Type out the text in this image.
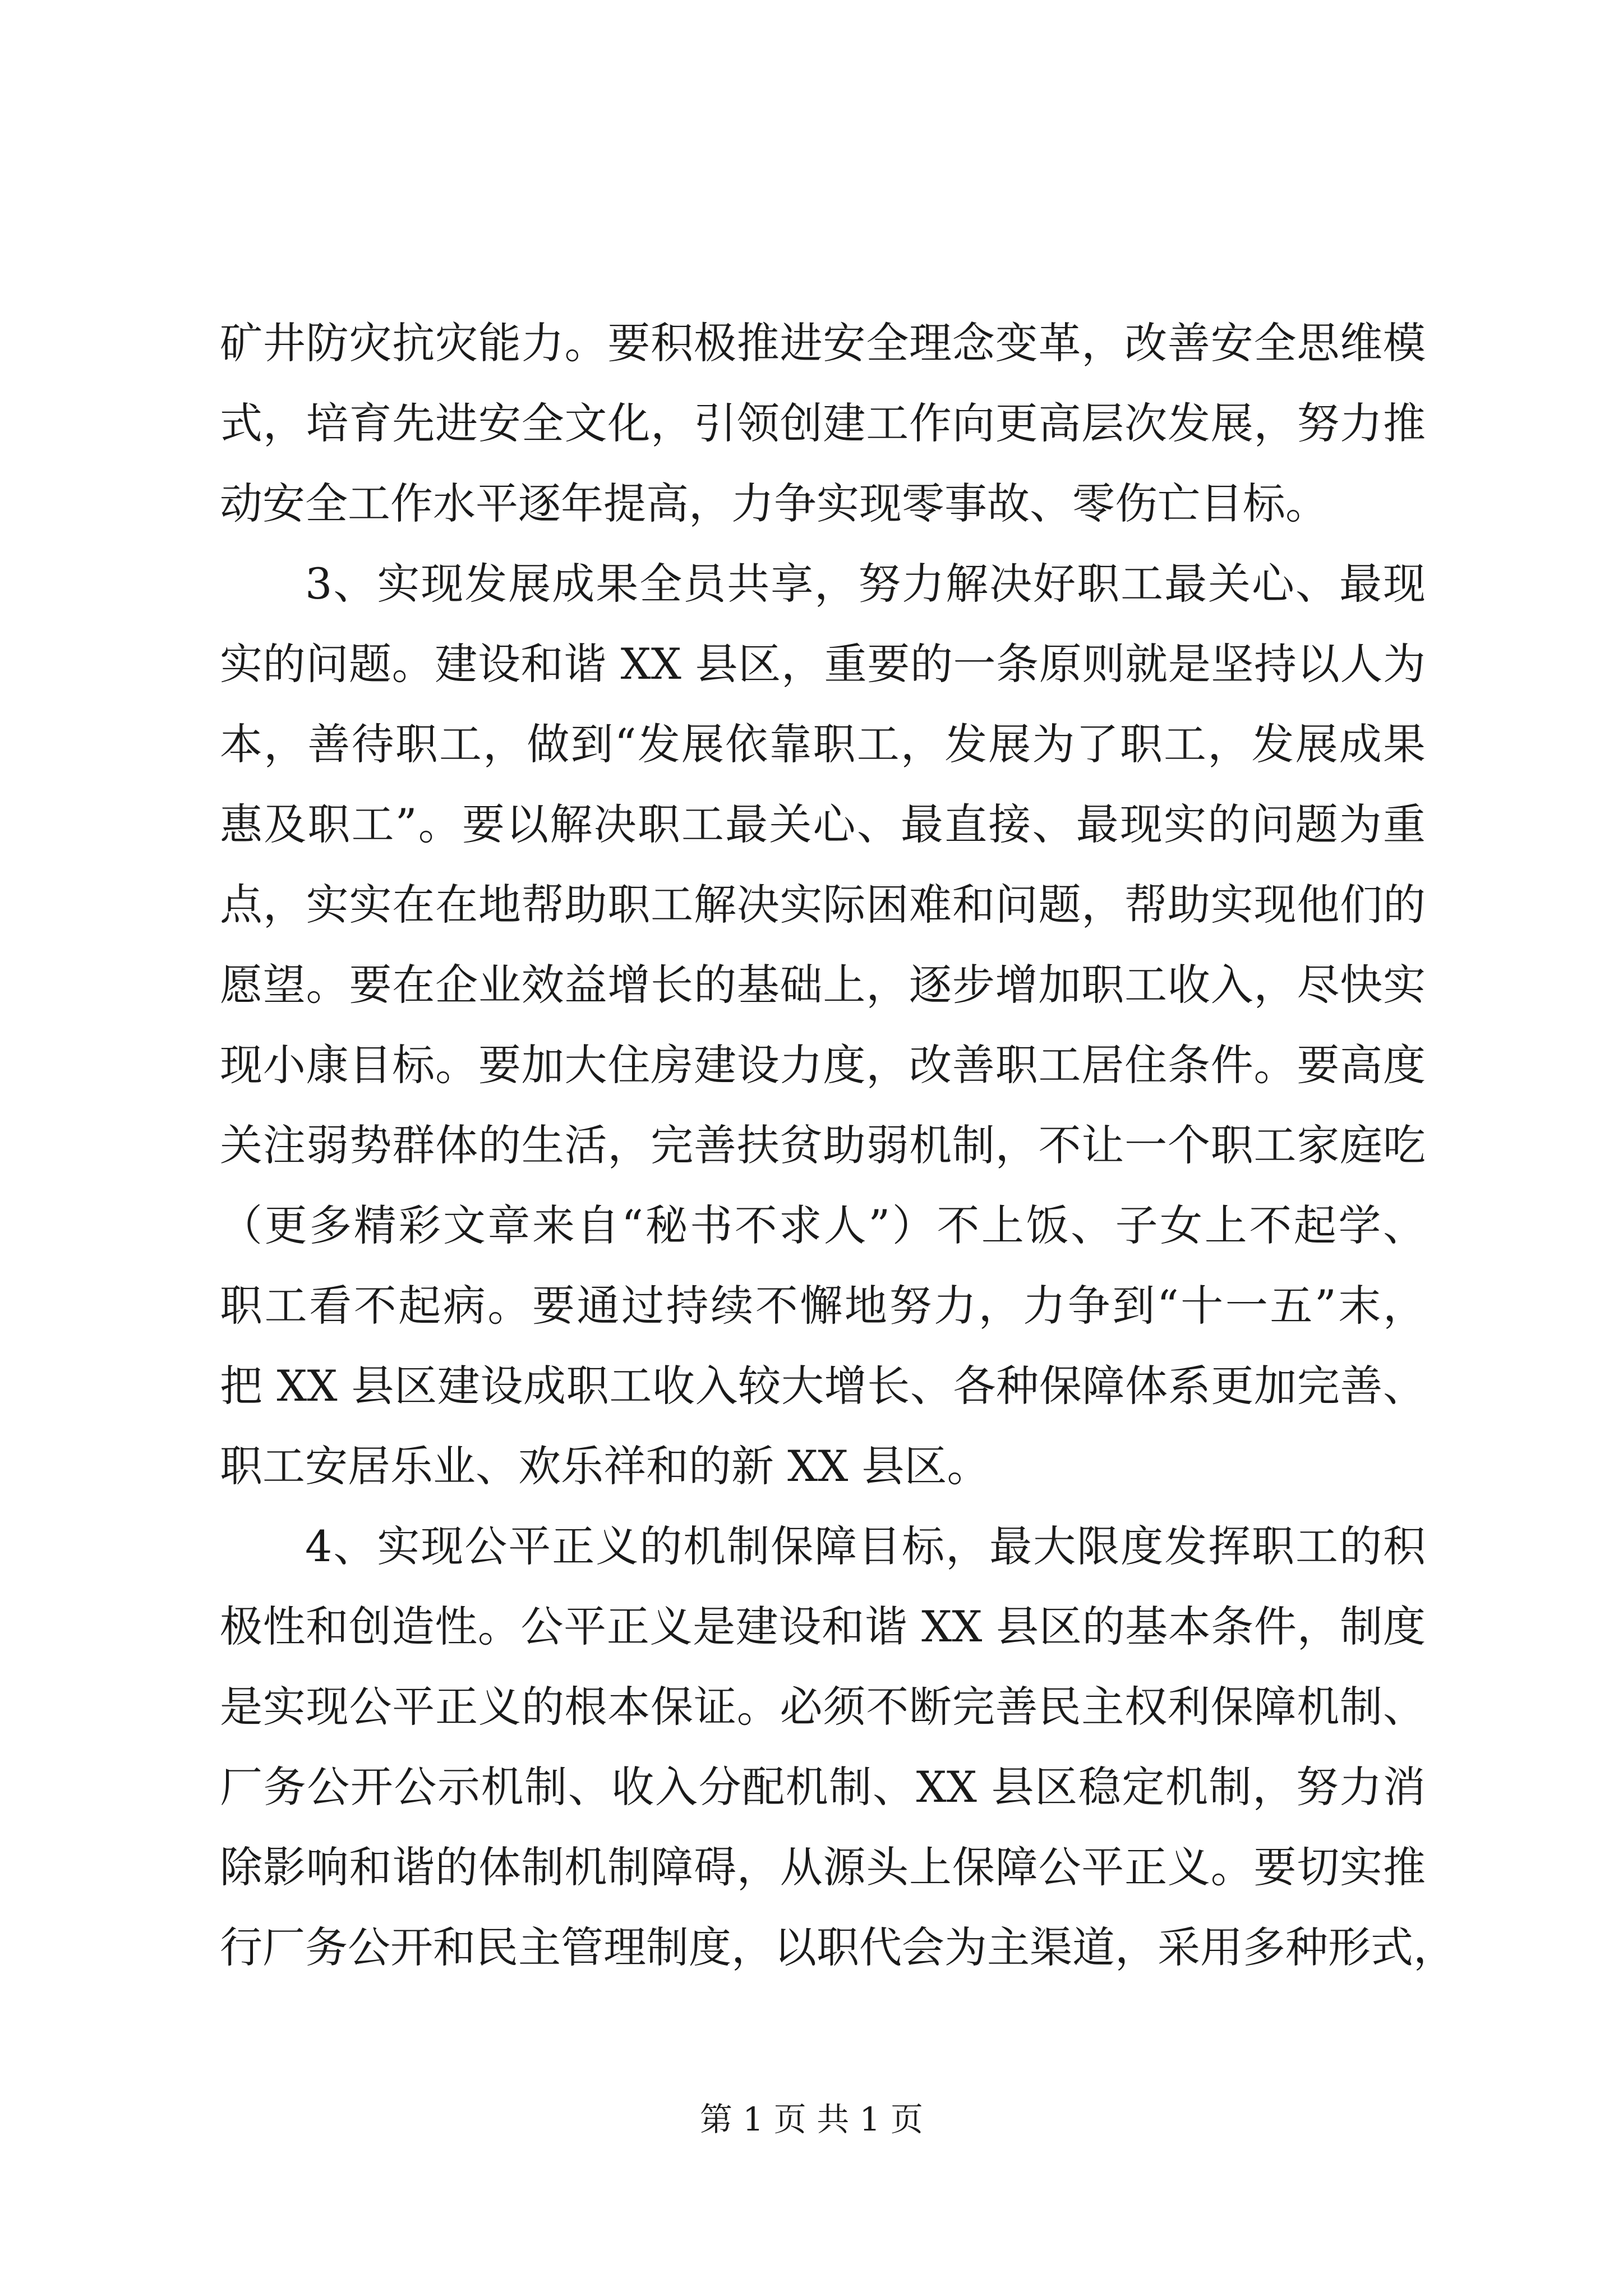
矿井防灾抗灾能力。要积极推进安全理念变革，改善安全思维模
式，培育先进安全文化，引领创建工作向更高层次发展，努力推
动安全工作水平逐年提高，力争实现零事故、零伤亡目标。
3、实现发展成果全员共享，努力解决好职工最关心、最现
实的问题。建设和谐 XX 县区，重要的一条原则就是坚持以人为
本，善待职工，做到“发展依靠职工，发展为了职工，发展成果
惠及职工”。要以解决职工最关心、最直接、最现实的问题为重
点，实实在在地帮助职工解决实际困难和问题，帮助实现他们的
愿望。要在企业效益增长的基础上，逐步增加职工收入，尽快实
现小康目标。要加大住房建设力度，改善职工居住条件。要高度
关注弱势群体的生活，完善扶贫助弱机制，不让一个职工家庭吃
（更多精彩文章来自“秘书不求人”）不上饭、子女上不起学、
职工看不起病。要通过持续不懈地努力，力争到“十一五”末，
把 XX 县区建设成职工收入较大增长、各种保障体系更加完善、
职工安居乐业、欢乐祥和的新 XX 县区。
4、实现公平正义的机制保障目标，最大限度发挥职工的积
极性和创造性。公平正义是建设和谐 XX 县区的基本条件，制度
是实现公平正义的根本保证。必须不断完善民主权利保障机制、
厂务公开公示机制、收入分配机制、XX 县区稳定机制，努力消
除影响和谐的体制机制障碍，从源头上保障公平正义。要切实推
行厂务公开和民主管理制度，以职代会为主渠道，采用多种形式，
第 1 页 共 1 页
